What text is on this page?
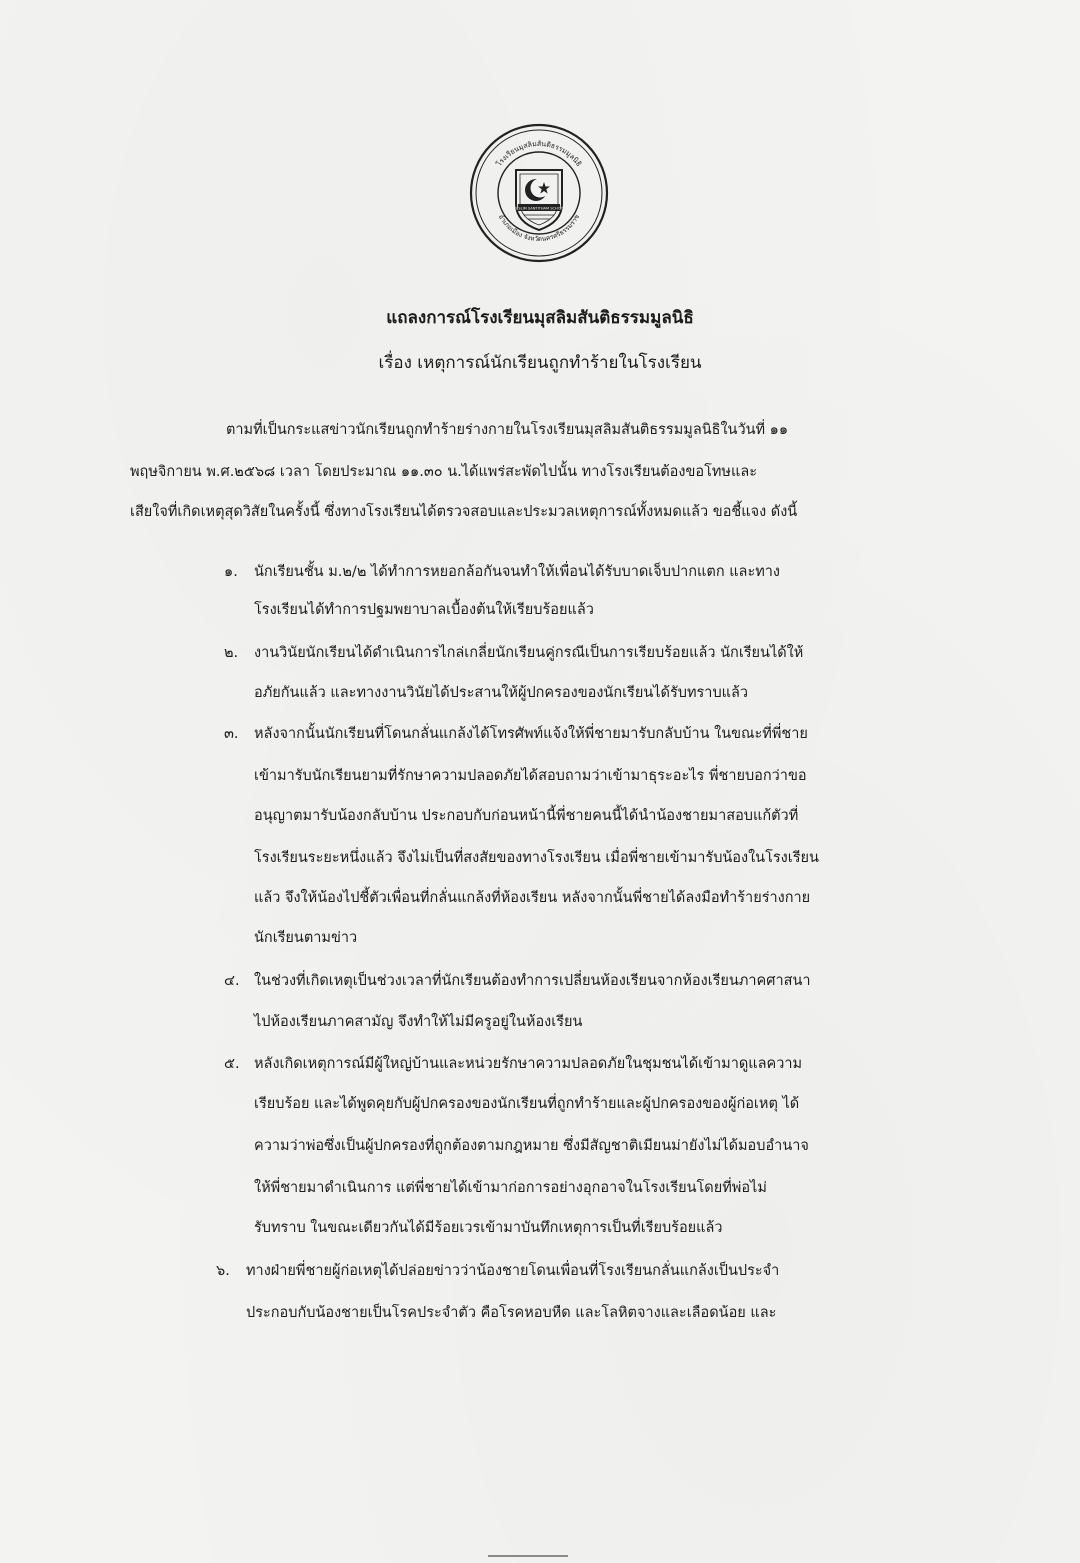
โรงเรียนมุสลิมสันติธรรมมูลนิธิ
อำเภอเมือง จังหวัดนครศรีธรรมราช
MUSLIM SANTITHAM SCHOOL
แถลงการณ์โรงเรียนมุสลิมสันติธรรมมูลนิธิ
เรื่อง เหตุการณ์นักเรียนถูกทำร้ายในโรงเรียน
ตามที่เป็นกระแสข่าวนักเรียนถูกทำร้ายร่างกายในโรงเรียนมุสลิมสันติธรรมมูลนิธิในวันที่ ๑๑
พฤษจิกายน พ.ศ.๒๕๖๘ เวลา โดยประมาณ ๑๑.๓๐ น.ได้แพร่สะพัดไปนั้น ทางโรงเรียนต้องขอโทษและ
เสียใจที่เกิดเหตุสุดวิสัยในครั้งนี้ ซึ่งทางโรงเรียนได้ตรวจสอบและประมวลเหตุการณ์ทั้งหมดแล้ว ขอชี้แจง ดังนี้
๑. นักเรียนชั้น ม.๒/๒ ได้ทำการหยอกล้อกันจนทำให้เพื่อนได้รับบาดเจ็บปากแตก และทาง
โรงเรียนได้ทำการปฐมพยาบาลเบื้องต้นให้เรียบร้อยแล้ว
๒. งานวินัยนักเรียนได้ดำเนินการไกล่เกลี่ยนักเรียนคู่กรณีเป็นการเรียบร้อยแล้ว นักเรียนได้ให้
อภัยกันแล้ว และทางงานวินัยได้ประสานให้ผู้ปกครองของนักเรียนได้รับทราบแล้ว
๓. หลังจากนั้นนักเรียนที่โดนกลั่นแกล้งได้โทรศัพท์แจ้งให้พี่ชายมารับกลับบ้าน ในขณะที่พี่ชาย
เข้ามารับนักเรียนยามที่รักษาความปลอดภัยได้สอบถามว่าเข้ามาธุระอะไร พี่ชายบอกว่าขอ
อนุญาตมารับน้องกลับบ้าน ประกอบกับก่อนหน้านี้พี่ชายคนนี้ได้นำน้องชายมาสอบแก้ตัวที่
โรงเรียนระยะหนึ่งแล้ว จึงไม่เป็นที่สงสัยของทางโรงเรียน เมื่อพี่ชายเข้ามารับน้องในโรงเรียน
แล้ว จึงให้น้องไปชี้ตัวเพื่อนที่กลั่นแกล้งที่ห้องเรียน หลังจากนั้นพี่ชายได้ลงมือทำร้ายร่างกาย
นักเรียนตามข่าว
๔. ในช่วงที่เกิดเหตุเป็นช่วงเวลาที่นักเรียนต้องทำการเปลี่ยนห้องเรียนจากห้องเรียนภาคศาสนา
ไปห้องเรียนภาคสามัญ จึงทำให้ไม่มีครูอยู่ในห้องเรียน
๕. หลังเกิดเหตุการณ์มีผู้ใหญ่บ้านและหน่วยรักษาความปลอดภัยในชุมชนได้เข้ามาดูแลความ
เรียบร้อย และได้พูดคุยกับผู้ปกครองของนักเรียนที่ถูกทำร้ายและผู้ปกครองของผู้ก่อเหตุ ได้
ความว่าพ่อซึ่งเป็นผู้ปกครองที่ถูกต้องตามกฎหมาย ซึ่งมีสัญชาติเมียนม่ายังไม่ได้มอบอำนาจ
ให้พี่ชายมาดำเนินการ แต่พี่ชายได้เข้ามาก่อการอย่างอุกอาจในโรงเรียนโดยที่พ่อไม่
รับทราบ ในขณะเดียวกันได้มีร้อยเวรเข้ามาบันทึกเหตุการเป็นที่เรียบร้อยแล้ว
๖. ทางฝ่ายพี่ชายผู้ก่อเหตุได้ปล่อยข่าวว่าน้องชายโดนเพื่อนที่โรงเรียนกลั่นแกล้งเป็นประจำ
ประกอบกับน้องชายเป็นโรคประจำตัว คือโรคหอบหืด และโลหิตจางและเลือดน้อย และ
